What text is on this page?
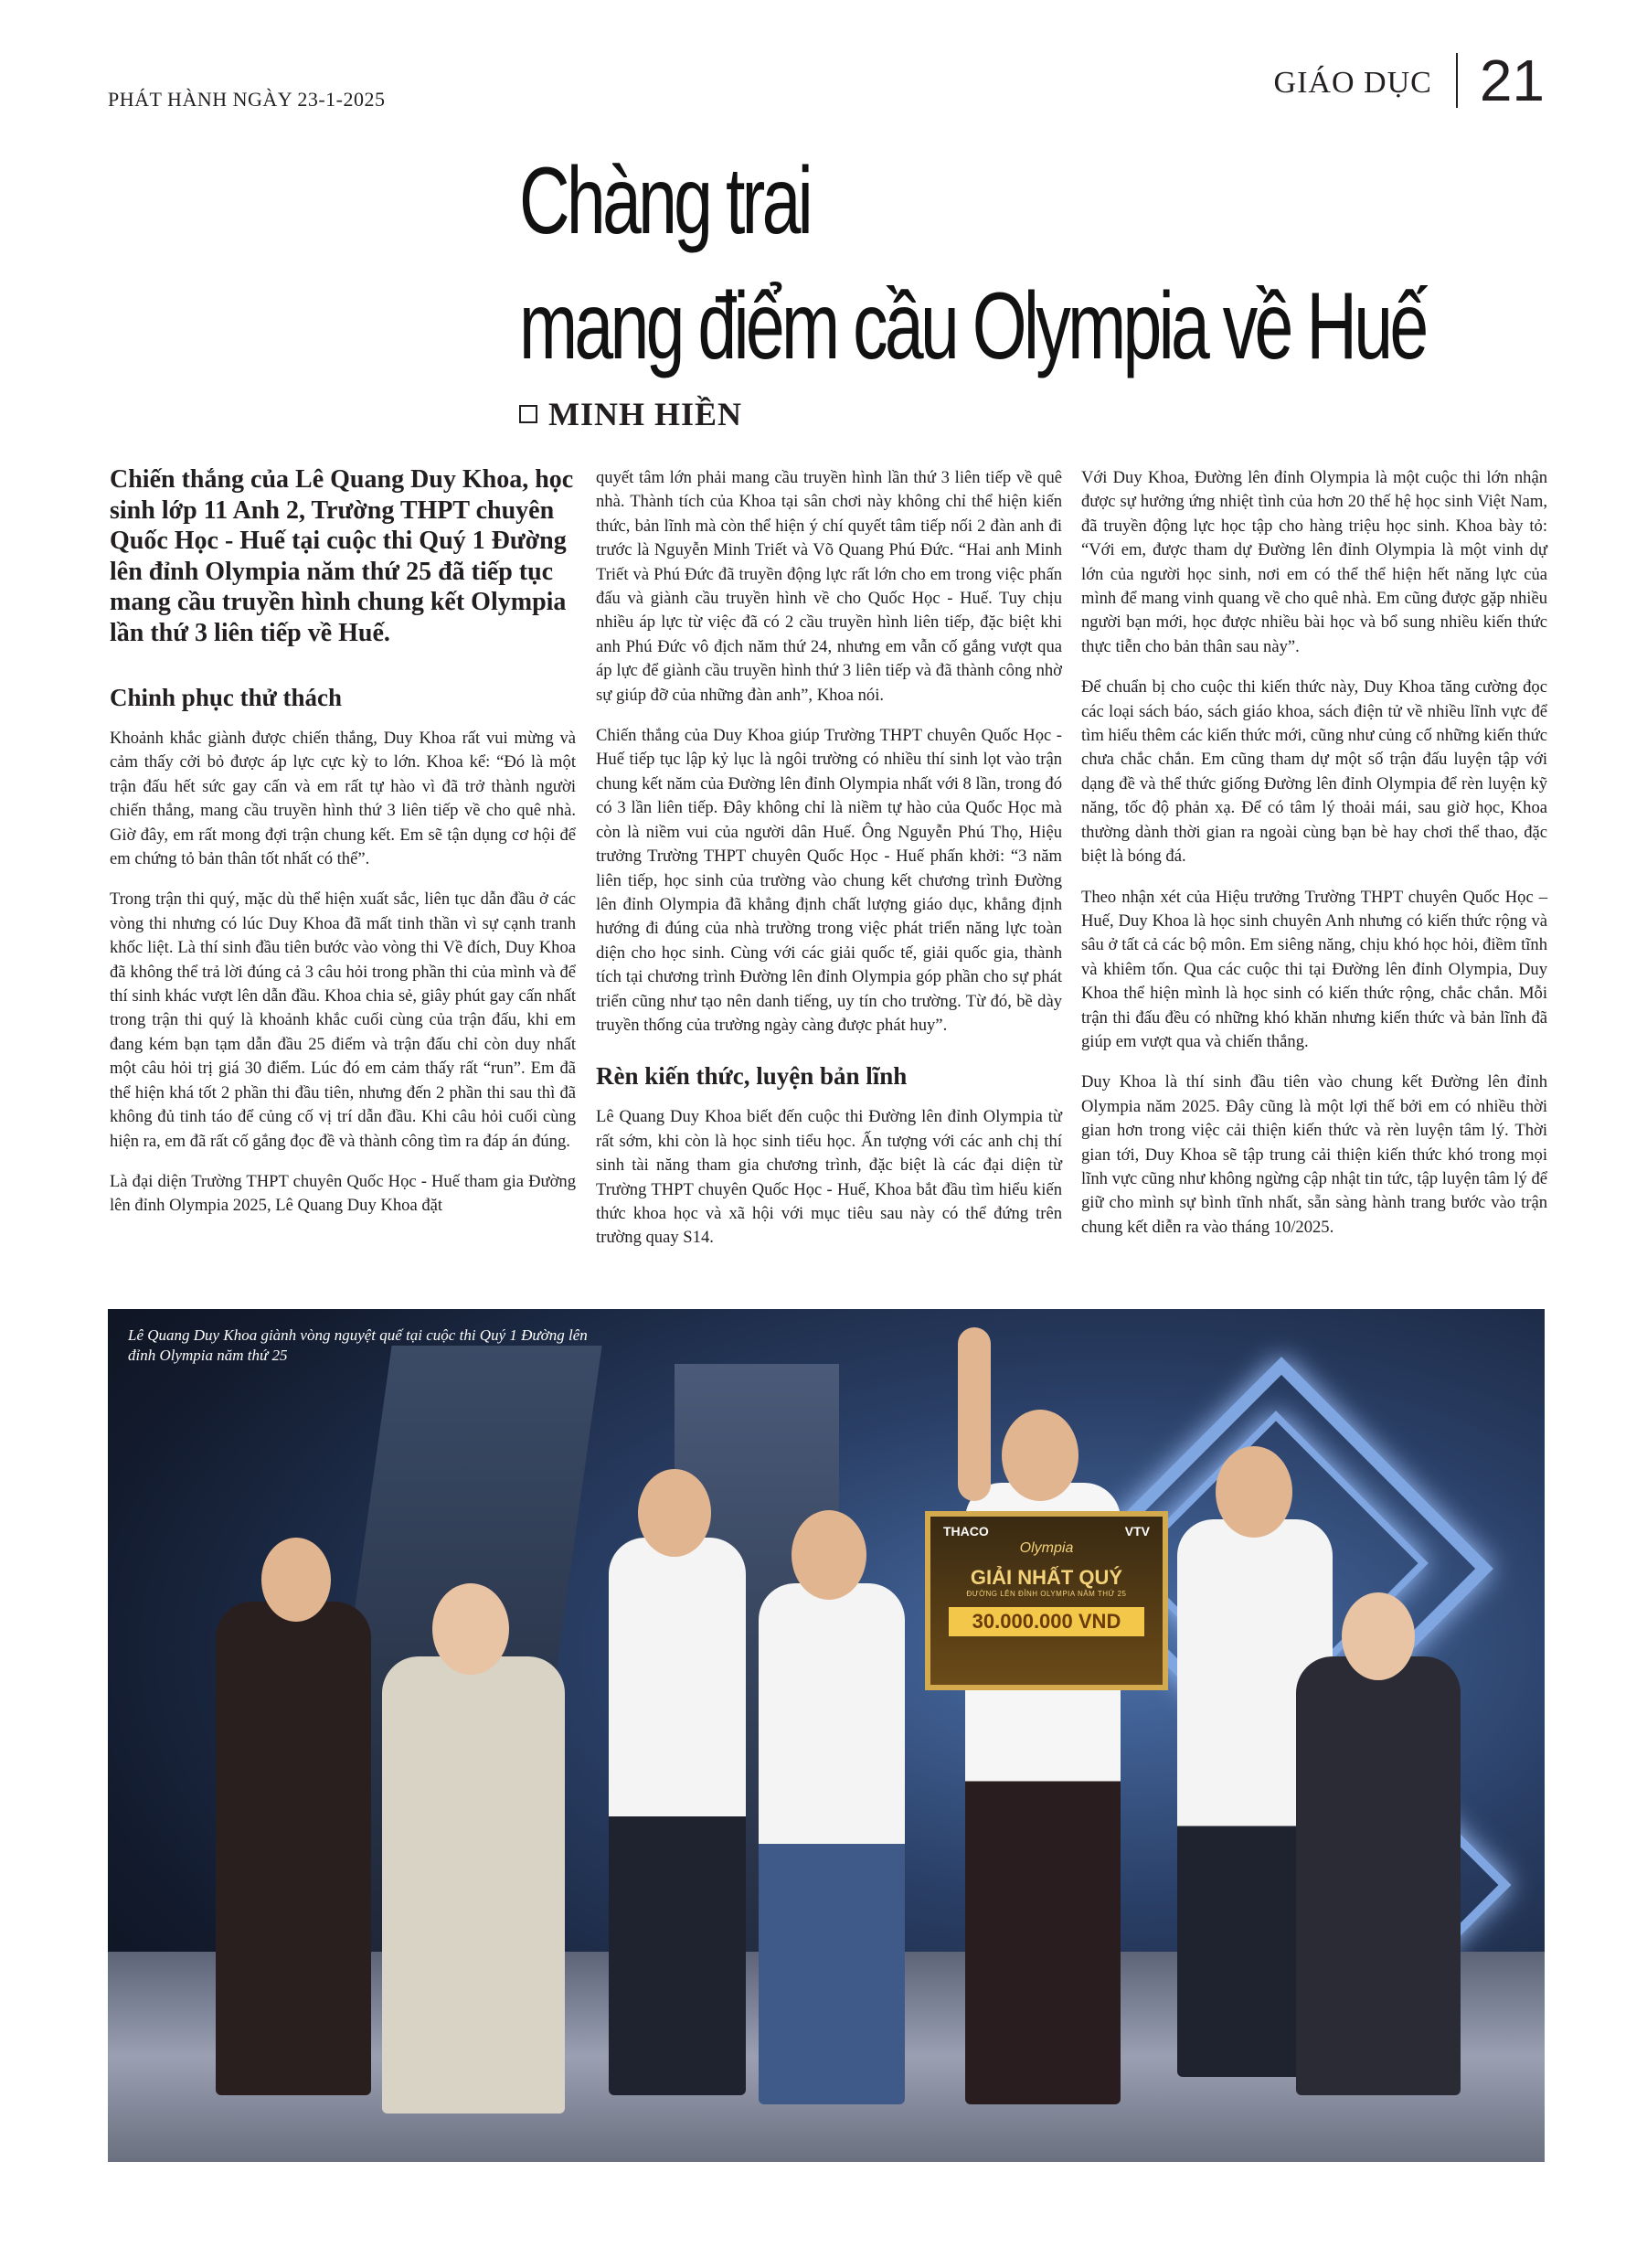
PHÁT HÀNH NGÀY 23-1-2025	GIÁO DỤC 21
Chàng trai
mang điểm cầu Olympia về Huế
MINH HIỀN

Chiến thắng của Lê Quang Duy Khoa, học sinh lớp 11 Anh 2, Trường THPT chuyên Quốc Học - Huế tại cuộc thi Quý 1 Đường lên đỉnh Olympia năm thứ 25 đã tiếp tục mang cầu truyền hình chung kết Olympia lần thứ 3 liên tiếp về Huế.

Chinh phục thử thách

Khoảnh khắc giành được chiến thắng, Duy Khoa rất vui mừng và cảm thấy cởi bỏ được áp lực cực kỳ to lớn. Khoa kể: “Đó là một trận đấu hết sức gay cấn và em rất tự hào vì đã trở thành người chiến thắng, mang cầu truyền hình thứ 3 liên tiếp về cho quê nhà. Giờ đây, em rất mong đợi trận chung kết. Em sẽ tận dụng cơ hội để em chứng tỏ bản thân tốt nhất có thể”.

Trong trận thi quý, mặc dù thể hiện xuất sắc, liên tục dẫn đầu ở các vòng thi nhưng có lúc Duy Khoa đã mất tinh thần vì sự cạnh tranh khốc liệt. Là thí sinh đầu tiên bước vào vòng thi Về đích, Duy Khoa đã không thể trả lời đúng cả 3 câu hỏi trong phần thi của mình và để thí sinh khác vượt lên dẫn đầu. Khoa chia sẻ, giây phút gay cấn nhất trong trận thi quý là khoảnh khắc cuối cùng của trận đấu, khi em đang kém bạn tạm dẫn đầu 25 điểm và trận đấu chỉ còn duy nhất một câu hỏi trị giá 30 điểm. Lúc đó em cảm thấy rất “run”. Em đã thể hiện khá tốt 2 phần thi đầu tiên, nhưng đến 2 phần thi sau thì đã không đủ tinh táo để củng cố vị trí dẫn đầu. Khi câu hỏi cuối cùng hiện ra, em đã rất cố gắng đọc đề và thành công tìm ra đáp án đúng.

Là đại diện Trường THPT chuyên Quốc Học - Huế tham gia Đường lên đỉnh Olympia 2025, Lê Quang Duy Khoa đặt

quyết tâm lớn phải mang cầu truyền hình lần thứ 3 liên tiếp về quê nhà. Thành tích của Khoa tại sân chơi này không chỉ thể hiện kiến thức, bản lĩnh mà còn thể hiện ý chí quyết tâm tiếp nối 2 đàn anh đi trước là Nguyễn Minh Triết và Võ Quang Phú Đức. “Hai anh Minh Triết và Phú Đức đã truyền động lực rất lớn cho em trong việc phấn đấu và giành cầu truyền hình về cho Quốc Học - Huế. Tuy chịu nhiều áp lực từ việc đã có 2 cầu truyền hình liên tiếp, đặc biệt khi anh Phú Đức vô địch năm thứ 24, nhưng em vẫn cố gắng vượt qua áp lực để giành cầu truyền hình thứ 3 liên tiếp và đã thành công nhờ sự giúp đỡ của những đàn anh”, Khoa nói.

Chiến thắng của Duy Khoa giúp Trường THPT chuyên Quốc Học - Huế tiếp tục lập kỷ lục là ngôi trường có nhiều thí sinh lọt vào trận chung kết năm của Đường lên đỉnh Olympia nhất với 8 lần, trong đó có 3 lần liên tiếp. Đây không chỉ là niềm tự hào của Quốc Học mà còn là niềm vui của người dân Huế. Ông Nguyễn Phú Thọ, Hiệu trưởng Trường THPT chuyên Quốc Học - Huế phấn khởi: “3 năm liên tiếp, học sinh của trường vào chung kết chương trình Đường lên đỉnh Olympia đã khẳng định chất lượng giáo dục, khẳng định hướng đi đúng của nhà trường trong việc phát triển năng lực toàn diện cho học sinh. Cùng với các giải quốc tế, giải quốc gia, thành tích tại chương trình Đường lên đỉnh Olympia góp phần cho sự phát triển cũng như tạo nên danh tiếng, uy tín cho trường. Từ đó, bề dày truyền thống của trường ngày càng được phát huy”.

Rèn kiến thức, luyện bản lĩnh

Lê Quang Duy Khoa biết đến cuộc thi Đường lên đỉnh Olympia từ rất sớm, khi còn là học sinh tiểu học. Ấn tượng với các anh chị thí sinh tài năng tham gia chương trình, đặc biệt là các đại diện từ Trường THPT chuyên Quốc Học - Huế, Khoa bắt đầu tìm hiểu kiến thức khoa học và xã hội với mục tiêu sau này có thể đứng trên trường quay S14.

Với Duy Khoa, Đường lên đỉnh Olympia là một cuộc thi lớn nhận được sự hưởng ứng nhiệt tình của hơn 20 thế hệ học sinh Việt Nam, đã truyền động lực học tập cho hàng triệu học sinh. Khoa bày tỏ: “Với em, được tham dự Đường lên đỉnh Olympia là một vinh dự lớn của người học sinh, nơi em có thể thể hiện hết năng lực của mình để mang vinh quang về cho quê nhà. Em cũng được gặp nhiều người bạn mới, học được nhiều bài học và bổ sung nhiều kiến thức thực tiễn cho bản thân sau này”.

Để chuẩn bị cho cuộc thi kiến thức này, Duy Khoa tăng cường đọc các loại sách báo, sách giáo khoa, sách điện tử về nhiều lĩnh vực để tìm hiểu thêm các kiến thức mới, cũng như củng cố những kiến thức chưa chắc chắn. Em cũng tham dự một số trận đấu luyện tập với dạng đề và thể thức giống Đường lên đỉnh Olympia để rèn luyện kỹ năng, tốc độ phản xạ. Để có tâm lý thoải mái, sau giờ học, Khoa thường dành thời gian ra ngoài cùng bạn bè hay chơi thể thao, đặc biệt là bóng đá.

Theo nhận xét của Hiệu trưởng Trường THPT chuyên Quốc Học – Huế, Duy Khoa là học sinh chuyên Anh nhưng có kiến thức rộng và sâu ở tất cả các bộ môn. Em siêng năng, chịu khó học hỏi, điềm tĩnh và khiêm tốn. Qua các cuộc thi tại Đường lên đỉnh Olympia, Duy Khoa thể hiện mình là học sinh có kiến thức rộng, chắc chắn. Mỗi trận thi đấu đều có những khó khăn nhưng kiến thức và bản lĩnh đã giúp em vượt qua và chiến thắng.

Duy Khoa là thí sinh đầu tiên vào chung kết Đường lên đỉnh Olympia năm 2025. Đây cũng là một lợi thế bởi em có nhiều thời gian hơn trong việc cải thiện kiến thức và rèn luyện tâm lý. Thời gian tới, Duy Khoa sẽ tập trung cải thiện kiến thức khó trong mọi lĩnh vực cũng như không ngừng cập nhật tin tức, tập luyện tâm lý để giữ cho mình sự bình tĩnh nhất, sẵn sàng hành trang bước vào trận chung kết diễn ra vào tháng 10/2025.

Lê Quang Duy Khoa giành vòng nguyệt quế tại cuộc thi Quý 1 Đường lên đỉnh Olympia năm thứ 25
THACO	VTV
Olympia
GIẢI NHẤT QUÝ
ĐƯỜNG LÊN ĐỈNH OLYMPIA NĂM THỨ 25
30.000.000 VND
